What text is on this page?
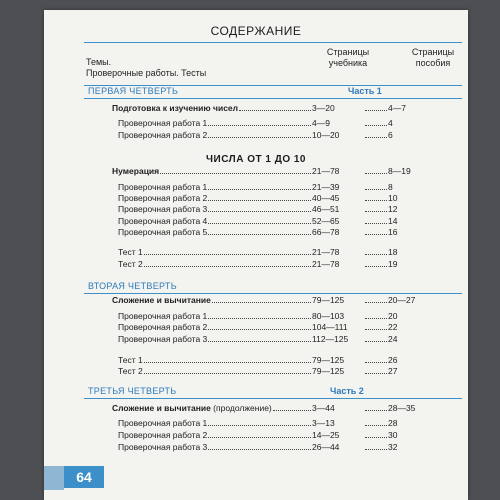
СОДЕРЖАНИЕ
Темы.
Проверочные работы. Тесты
Страницы
учебника
Страницы
пособия
ПЕРВАЯ ЧЕТВЕРТЬ	Часть 1
ЧИСЛА ОТ 1 ДО 10
ВТОРАЯ ЧЕТВЕРТЬ
ТРЕТЬЯ ЧЕТВЕРТЬ	Часть 2
Подготовка к изучению чисел	3—20	4—7
Проверочная работа 1	4—9	4
Проверочная работа 2	10—20	6
Нумерация	21—78	8—19
Проверочная работа 1	21—39	8
Проверочная работа 2	40—45	10
Проверочная работа 3	46—51	12
Проверочная работа 4	52—65	14
Проверочная работа 5	66—78	16
Тест 1	21—78	18
Тест 2	21—78	19
Сложение и вычитание	79—125	20—27
Проверочная работа 1	80—103	20
Проверочная работа 2	104—111	22
Проверочная работа 3	112—125	24
Тест 1	79—125	26
Тест 2	79—125	27
Сложение и вычитание (продолжение)	3—44	28—35
Проверочная работа 1	3—13	28
Проверочная работа 2	14—25	30
Проверочная работа 3	26—44	32
64
